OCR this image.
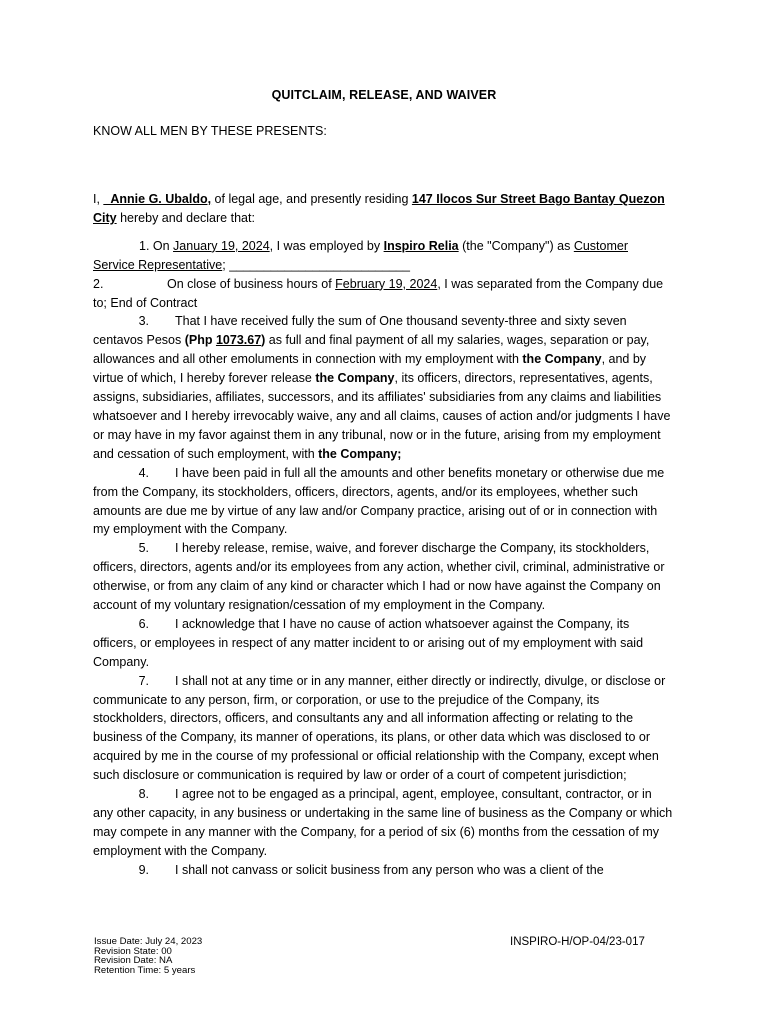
QUITCLAIM, RELEASE, AND WAIVER
KNOW ALL MEN BY THESE PRESENTS:

I, _Annie G. Ubaldo, of legal age, and presently residing 147 Ilocos Sur Street Bago Bantay Quezon City hereby and declare that:

1. On January 19, 2024, I was employed by Inspiro Relia (the "Company") as Customer Service Representative; __________________________

2.	On close of business hours of February 19, 2024, I was separated from the Company due to; End of Contract

3. That I have received fully the sum of One thousand seventy-three and sixty seven centavos Pesos (Php 1073.67) as full and final payment of all my salaries, wages, separation or pay, allowances and all other emoluments in connection with my employment with the Company, and by virtue of which, I hereby forever release the Company, its officers, directors, representatives, agents, assigns, subsidiaries, affiliates, successors, and its affiliates' subsidiaries from any claims and liabilities whatsoever and I hereby irrevocably waive, any and all claims, causes of action and/or judgments I have or may have in my favor against them in any tribunal, now or in the future, arising from my employment and cessation of such employment, with the Company;

4. I have been paid in full all the amounts and other benefits monetary or otherwise due me from the Company, its stockholders, officers, directors, agents, and/or its employees, whether such amounts are due me by virtue of any law and/or Company practice, arising out of or in connection with my employment with the Company.

5. I hereby release, remise, waive, and forever discharge the Company, its stockholders, officers, directors, agents and/or its employees from any action, whether civil, criminal, administrative or otherwise, or from any claim of any kind or character which I had or now have against the Company on account of my voluntary resignation/cessation of my employment in the Company.

6. I acknowledge that I have no cause of action whatsoever against the Company, its officers, or employees in respect of any matter incident to or arising out of my employment with said Company.

7. I shall not at any time or in any manner, either directly or indirectly, divulge, or disclose or communicate to any person, firm, or corporation, or use to the prejudice of the Company, its stockholders, directors, officers, and consultants any and all information affecting or relating to the business of the Company, its manner of operations, its plans, or other data which was disclosed to or acquired by me in the course of my professional or official relationship with the Company, except when such disclosure or communication is required by law or order of a court of competent jurisdiction;

8. I agree not to be engaged as a principal, agent, employee, consultant, contractor, or in any other capacity, in any business or undertaking in the same line of business as the Company or which may compete in any manner with the Company, for a period of six (6) months from the cessation of my employment with the Company.

9. I shall not canvass or solicit business from any person who was a client of the

Issue Date: July 24, 2023
Revision State: 00
Revision Date: NA
Retention Time: 5 years
INSPIRO-H/OP-04/23-017
